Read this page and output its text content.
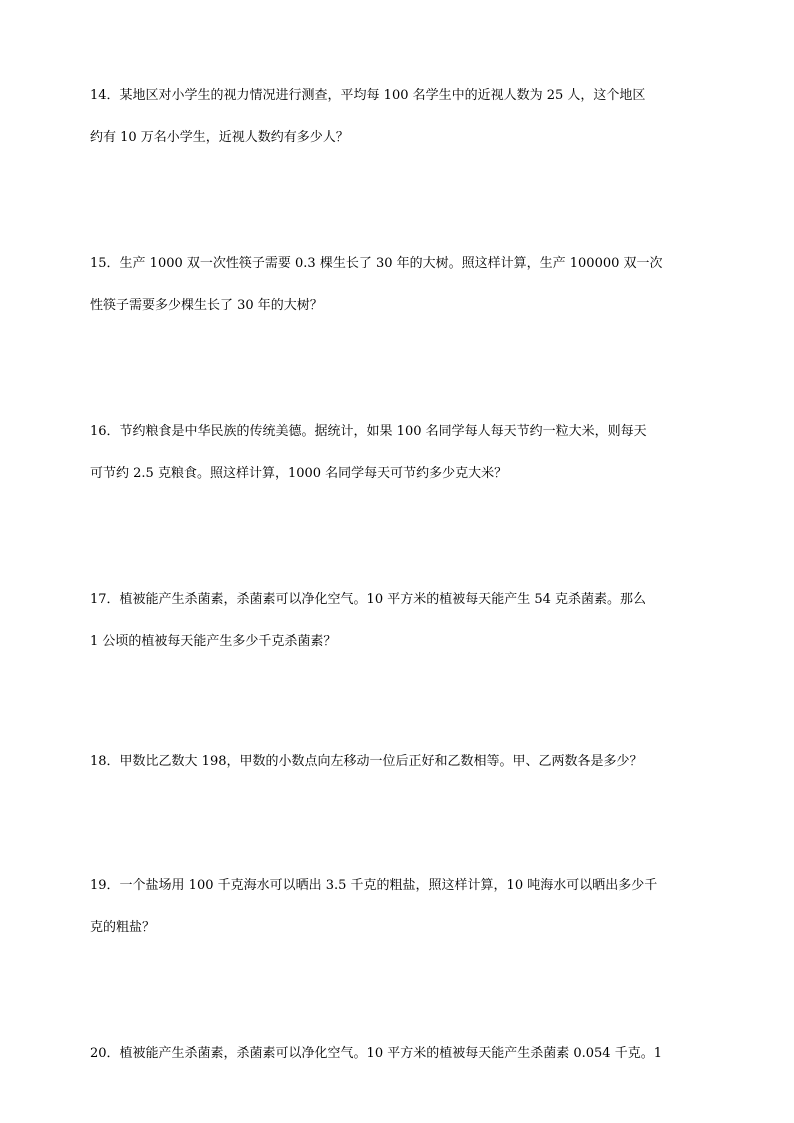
14．某地区对小学生的视力情况进行测查，平均每 100 名学生中的近视人数为 25 人，这个地区
约有 10 万名小学生，近视人数约有多少人？
15．生产 1000 双一次性筷子需要 0.3 棵生长了 30 年的大树。照这样计算，生产 100000 双一次
性筷子需要多少棵生长了 30 年的大树？
16．节约粮食是中华民族的传统美德。据统计，如果 100 名同学每人每天节约一粒大米，则每天
可节约 2.5 克粮食。照这样计算，1000 名同学每天可节约多少克大米？
17．植被能产生杀菌素，杀菌素可以净化空气。10 平方米的植被每天能产生 54 克杀菌素。那么
1 公顷的植被每天能产生多少千克杀菌素？
18．甲数比乙数大 198，甲数的小数点向左移动一位后正好和乙数相等。甲、乙两数各是多少？
19．一个盐场用 100 千克海水可以晒出 3.5 千克的粗盐，照这样计算，10 吨海水可以晒出多少千
克的粗盐？
20．植被能产生杀菌素，杀菌素可以净化空气。10 平方米的植被每天能产生杀菌素 0.054 千克。1
